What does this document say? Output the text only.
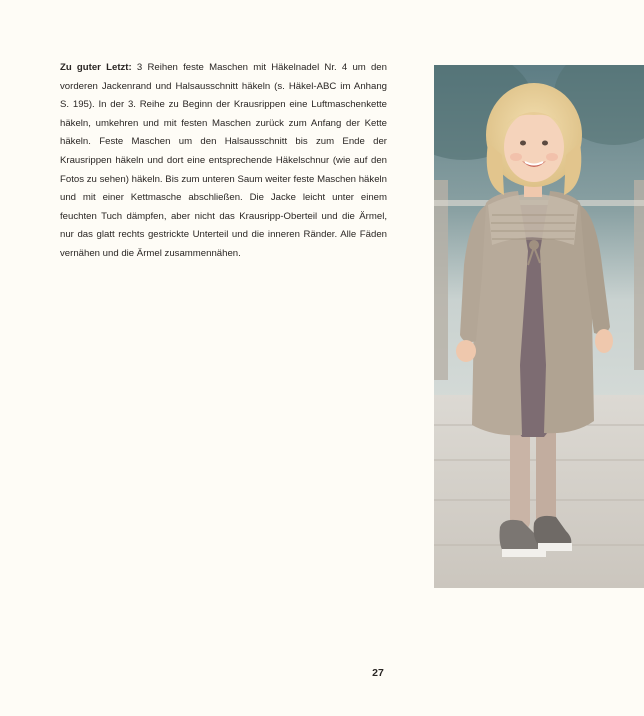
Zu guter Letzt: 3 Reihen feste Maschen mit Häkelnadel Nr. 4 um den vorderen Jackenrand und Halsausschnitt häkeln (s. Häkel-ABC im Anhang S. 195). In der 3. Reihe zu Beginn der Krausrippen eine Luftmaschenkette häkeln, umkehren und mit festen Maschen zurück zum Anfang der Kette häkeln. Feste Maschen um den Halsausschnitt bis zum Ende der Krausrippen häkeln und dort eine entsprechende Häkelschnur (wie auf den Fotos zu sehen) häkeln. Bis zum unteren Saum weiter feste Maschen häkeln und mit einer Kettmasche abschließen. Die Jacke leicht unter einem feuchten Tuch dämpfen, aber nicht das Krausripp-Oberteil und die Ärmel, nur das glatt rechts gestrickte Unterteil und die inneren Ränder. Alle Fäden vernähen und die Ärmel zusammennähen.

27
